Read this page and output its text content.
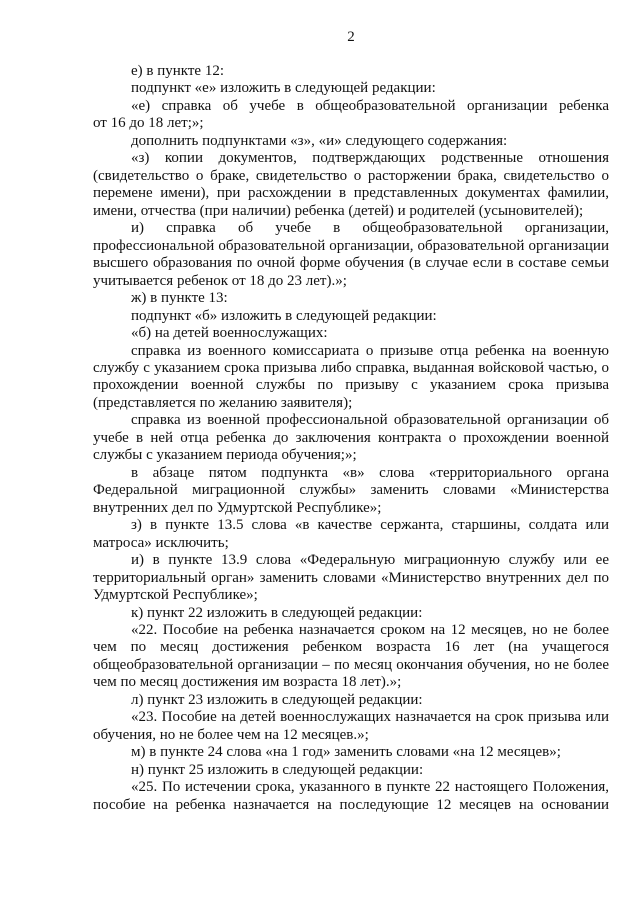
2
е) в пункте 12:
подпункт «е» изложить в следующей редакции:
«е) справка об учебе в общеобразовательной организации ребенка
от 16 до 18 лет;»;
дополнить подпунктами «з», «и» следующего содержания:
«з) копии документов, подтверждающих родственные отношения
(свидетельство о браке, свидетельство о расторжении брака, свидетельство о
перемене имени), при расхождении в представленных документах фамилии,
имени, отчества (при наличии) ребенка (детей) и родителей (усыновителей);
и) справка об учебе в общеобразовательной организации,
профессиональной образовательной организации, образовательной организации
высшего образования по очной форме обучения (в случае если в составе семьи
учитывается ребенок от 18 до 23 лет).»;
ж) в пункте 13:
подпункт «б» изложить в следующей редакции:
«б) на детей военнослужащих:
справка из военного комиссариата о призыве отца ребенка на военную
службу с указанием срока призыва либо справка, выданная войсковой частью, о
прохождении военной службы по призыву с указанием срока призыва
(представляется по желанию заявителя);
справка из военной профессиональной образовательной организации об
учебе в ней отца ребенка до заключения контракта о прохождении военной
службы с указанием периода обучения;»;
в абзаце пятом подпункта «в» слова «территориального органа
Федеральной миграционной службы» заменить словами «Министерства
внутренних дел по Удмуртской Республике»;
з) в пункте 13.5 слова «в качестве сержанта, старшины, солдата или
матроса» исключить;
и) в пункте 13.9 слова «Федеральную миграционную службу или ее
территориальный орган» заменить словами «Министерство внутренних дел по
Удмуртской Республике»;
к) пункт 22 изложить в следующей редакции:
«22. Пособие на ребенка назначается сроком на 12 месяцев, но не более
чем по месяц достижения ребенком возраста 16 лет (на учащегося
общеобразовательной организации – по месяц окончания обучения, но не более
чем по месяц достижения им возраста 18 лет).»;
л) пункт 23 изложить в следующей редакции:
«23. Пособие на детей военнослужащих назначается на срок призыва или
обучения, но не более чем на 12 месяцев.»;
м) в пункте 24 слова «на 1 год» заменить словами «на 12 месяцев»;
н) пункт 25 изложить в следующей редакции:
«25. По истечении срока, указанного в пункте 22 настоящего Положения,
пособие на ребенка назначается на последующие 12 месяцев на основании
